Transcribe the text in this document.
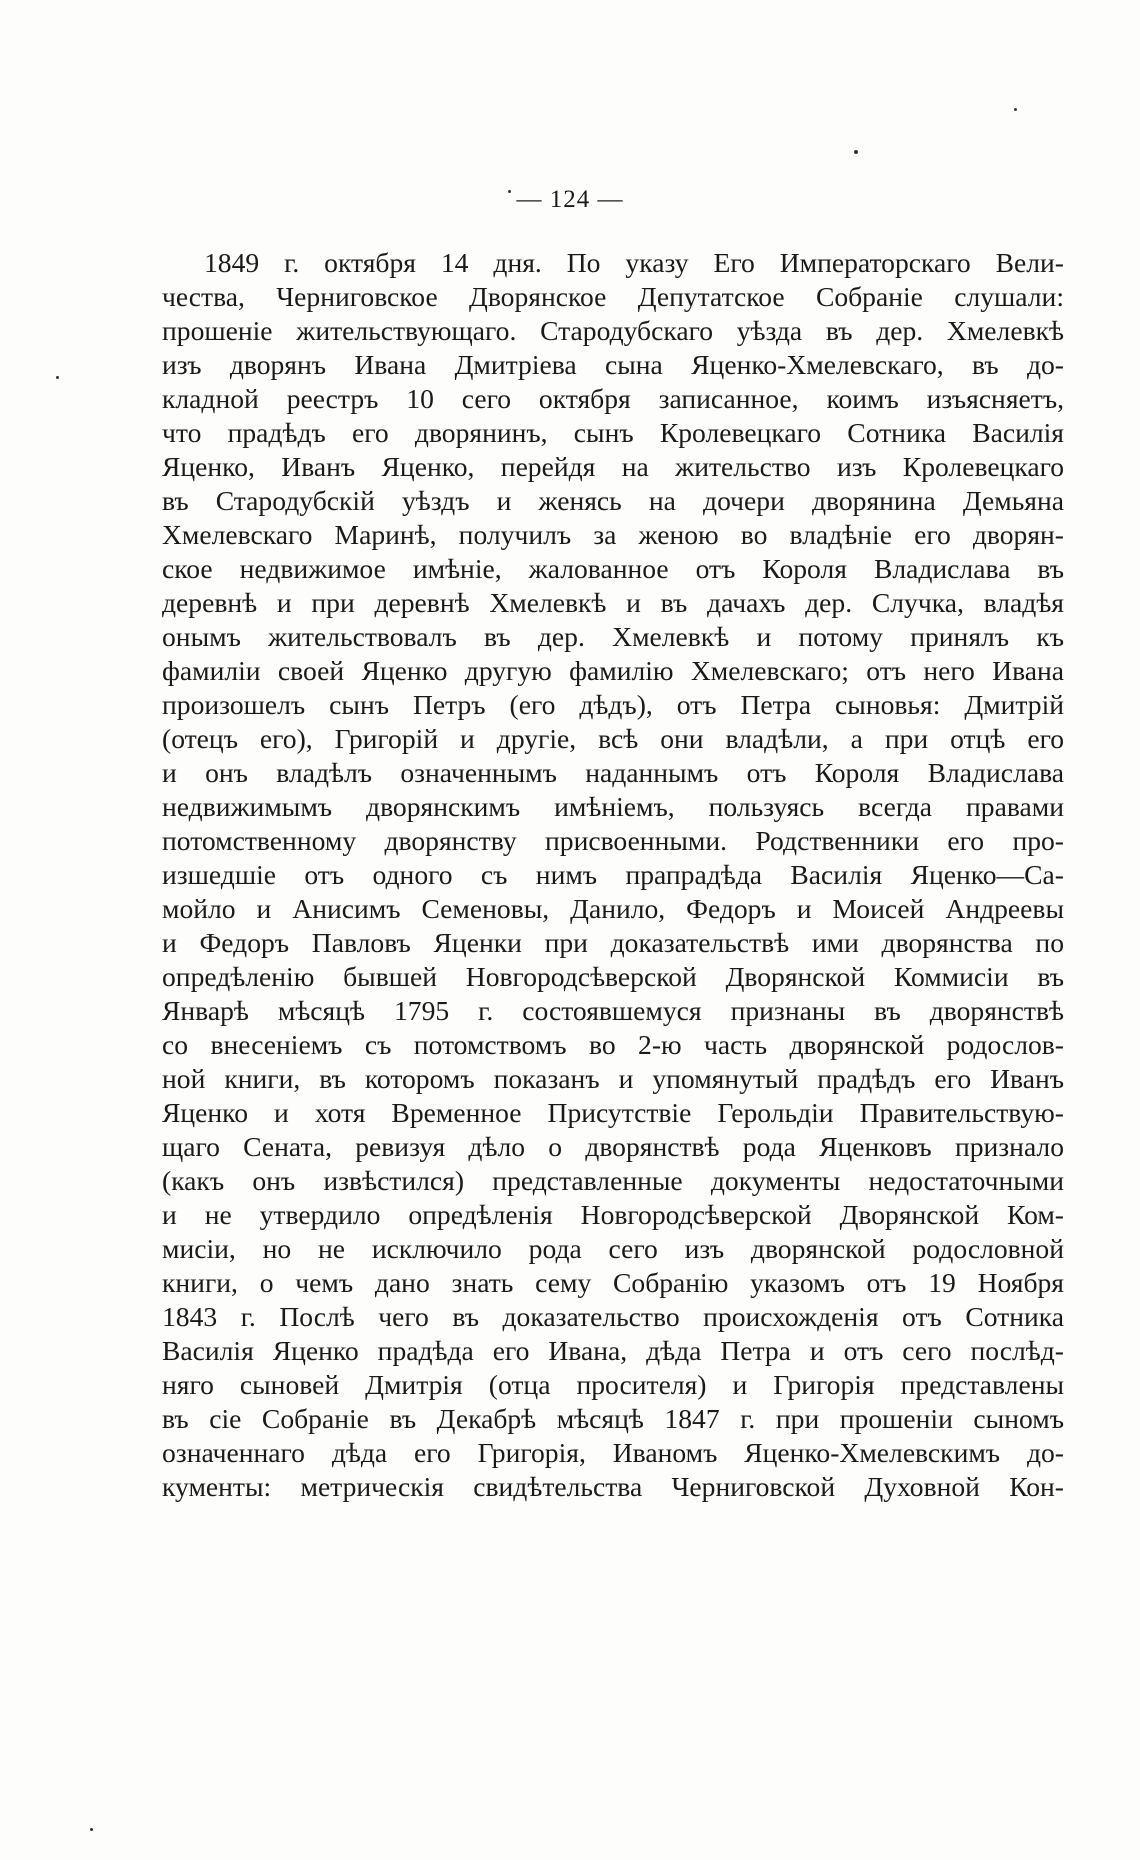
— 124 —
1849 г. октября 14 дня. По указу Его Императорскаго Вели-
чества, Черниговское Дворянское Депутатское Собраніе слушали:
прошеніе жительствующаго. Стародубскаго уѣзда въ дер. Хмелевкѣ
изъ дворянъ Ивана Дмитріева сына Яценко-Хмелевскаго, въ до-
кладной реестръ 10 сего октября записанное, коимъ изъясняетъ,
что прадѣдъ его дворянинъ, сынъ Кролевецкаго Сотника Василія
Яценко, Иванъ Яценко, перейдя на жительство изъ Кролевецкаго
въ Стародубскій уѣздъ и женясь на дочери дворянина Демьяна
Хмелевскаго Маринѣ, получилъ за женою во владѣніе его дворян-
ское недвижимое имѣніе, жалованное отъ Короля Владислава въ
деревнѣ и при деревнѣ Хмелевкѣ и въ дачахъ дер. Случка, владѣя
онымъ жительствовалъ въ дер. Хмелевкѣ и потому принялъ къ
фамиліи своей Яценко другую фамилію Хмелевскаго; отъ него Ивана
произошелъ сынъ Петръ (его дѣдъ), отъ Петра сыновья: Дмитрій
(отецъ его), Григорій и другіе, всѣ они владѣли, а при отцѣ его
и онъ владѣлъ означеннымъ наданнымъ отъ Короля Владислава
недвижимымъ дворянскимъ имѣніемъ, пользуясь всегда правами
потомственному дворянству присвоенными. Родственники его про-
изшедшіе отъ одного съ нимъ прапрадѣда Василія Яценко—Са-
мойло и Анисимъ Семеновы, Данило, Федоръ и Моисей Андреевы
и Федоръ Павловъ Яценки при доказательствѣ ими дворянства по
опредѣленію бывшей Новгородсѣверской Дворянской Коммисіи въ
Январѣ мѣсяцѣ 1795 г. состоявшемуся признаны въ дворянствѣ
со внесеніемъ съ потомствомъ во 2-ю часть дворянской родослов-
ной книги, въ которомъ показанъ и упомянутый прадѣдъ его Иванъ
Яценко и хотя Временное Присутствіе Герольдіи Правительствую-
щаго Сената, ревизуя дѣло о дворянствѣ рода Яценковъ признало
(какъ онъ извѣстился) представленные документы недостаточными
и не утвердило опредѣленія Новгородсѣверской Дворянской Ком-
мисіи, но не исключило рода сего изъ дворянской родословной
книги, о чемъ дано знать сему Собранію указомъ отъ 19 Ноября
1843 г. Послѣ чего въ доказательство происхожденія отъ Сотника
Василія Яценко прадѣда его Ивана, дѣда Петра и отъ сего послѣд-
няго сыновей Дмитрія (отца просителя) и Григорія представлены
въ сіе Собраніе въ Декабрѣ мѣсяцѣ 1847 г. при прошеніи сыномъ
означеннаго дѣда его Григорія, Иваномъ Яценко-Хмелевскимъ до-
кументы: метрическія свидѣтельства Черниговской Духовной Кон-
